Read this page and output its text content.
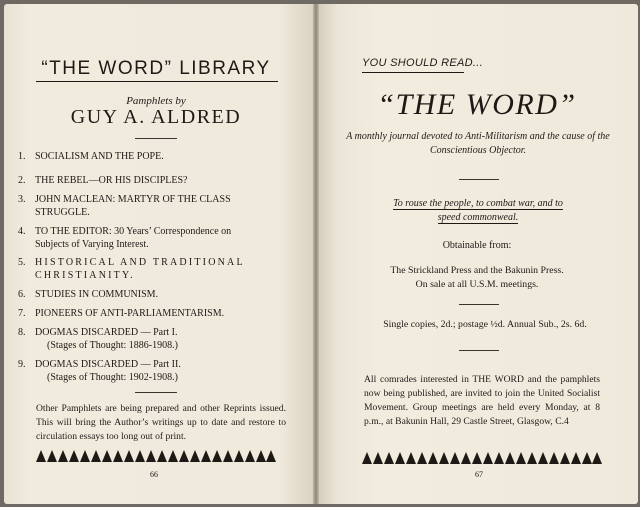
“THE WORD” LIBRARY
Pamphlets by
GUY A. ALDRED
1. SOCIALISM AND THE POPE.
2. THE REBEL—OR HIS DISCIPLES?
3. JOHN MACLEAN: MARTYR OF THE CLASS
STRUGGLE.
4. TO THE EDITOR: 30 Years’ Correspondence on
Subjects of Varying Interest.
5. HISTORICAL AND TRADITIONAL
CHRISTIANITY.
6. STUDIES IN COMMUNISM.
7. PIONEERS OF ANTI-PARLIAMENTARISM.
8. DOGMAS DISCARDED — Part I.
(Stages of Thought: 1886-1908.)
9. DOGMAS DISCARDED — Part II.
(Stages of Thought: 1902-1908.)
Other Pamphlets are being prepared and other Reprints issued. This will bring the Author’s writings up to date and restore to circulation essays too long out of print.
66
YOU SHOULD READ...
“THE WORD”
A monthly journal devoted to Anti-Militarism and the cause of the Conscientious Objector.
To rouse the people, to combat war, and to
speed commonweal.
Obtainable from:
The Strickland Press and the Bakunin Press.
On sale at all U.S.M. meetings.
Single copies, 2d.; postage ½d. Annual Sub., 2s. 6d.
All comrades interested in THE WORD and the pamphlets now being published, are invited to join the United Socialist Movement. Group meetings are held every Monday, at 8 p.m., at Bakunin Hall, 29 Castle Street, Glasgow, C.4
67
